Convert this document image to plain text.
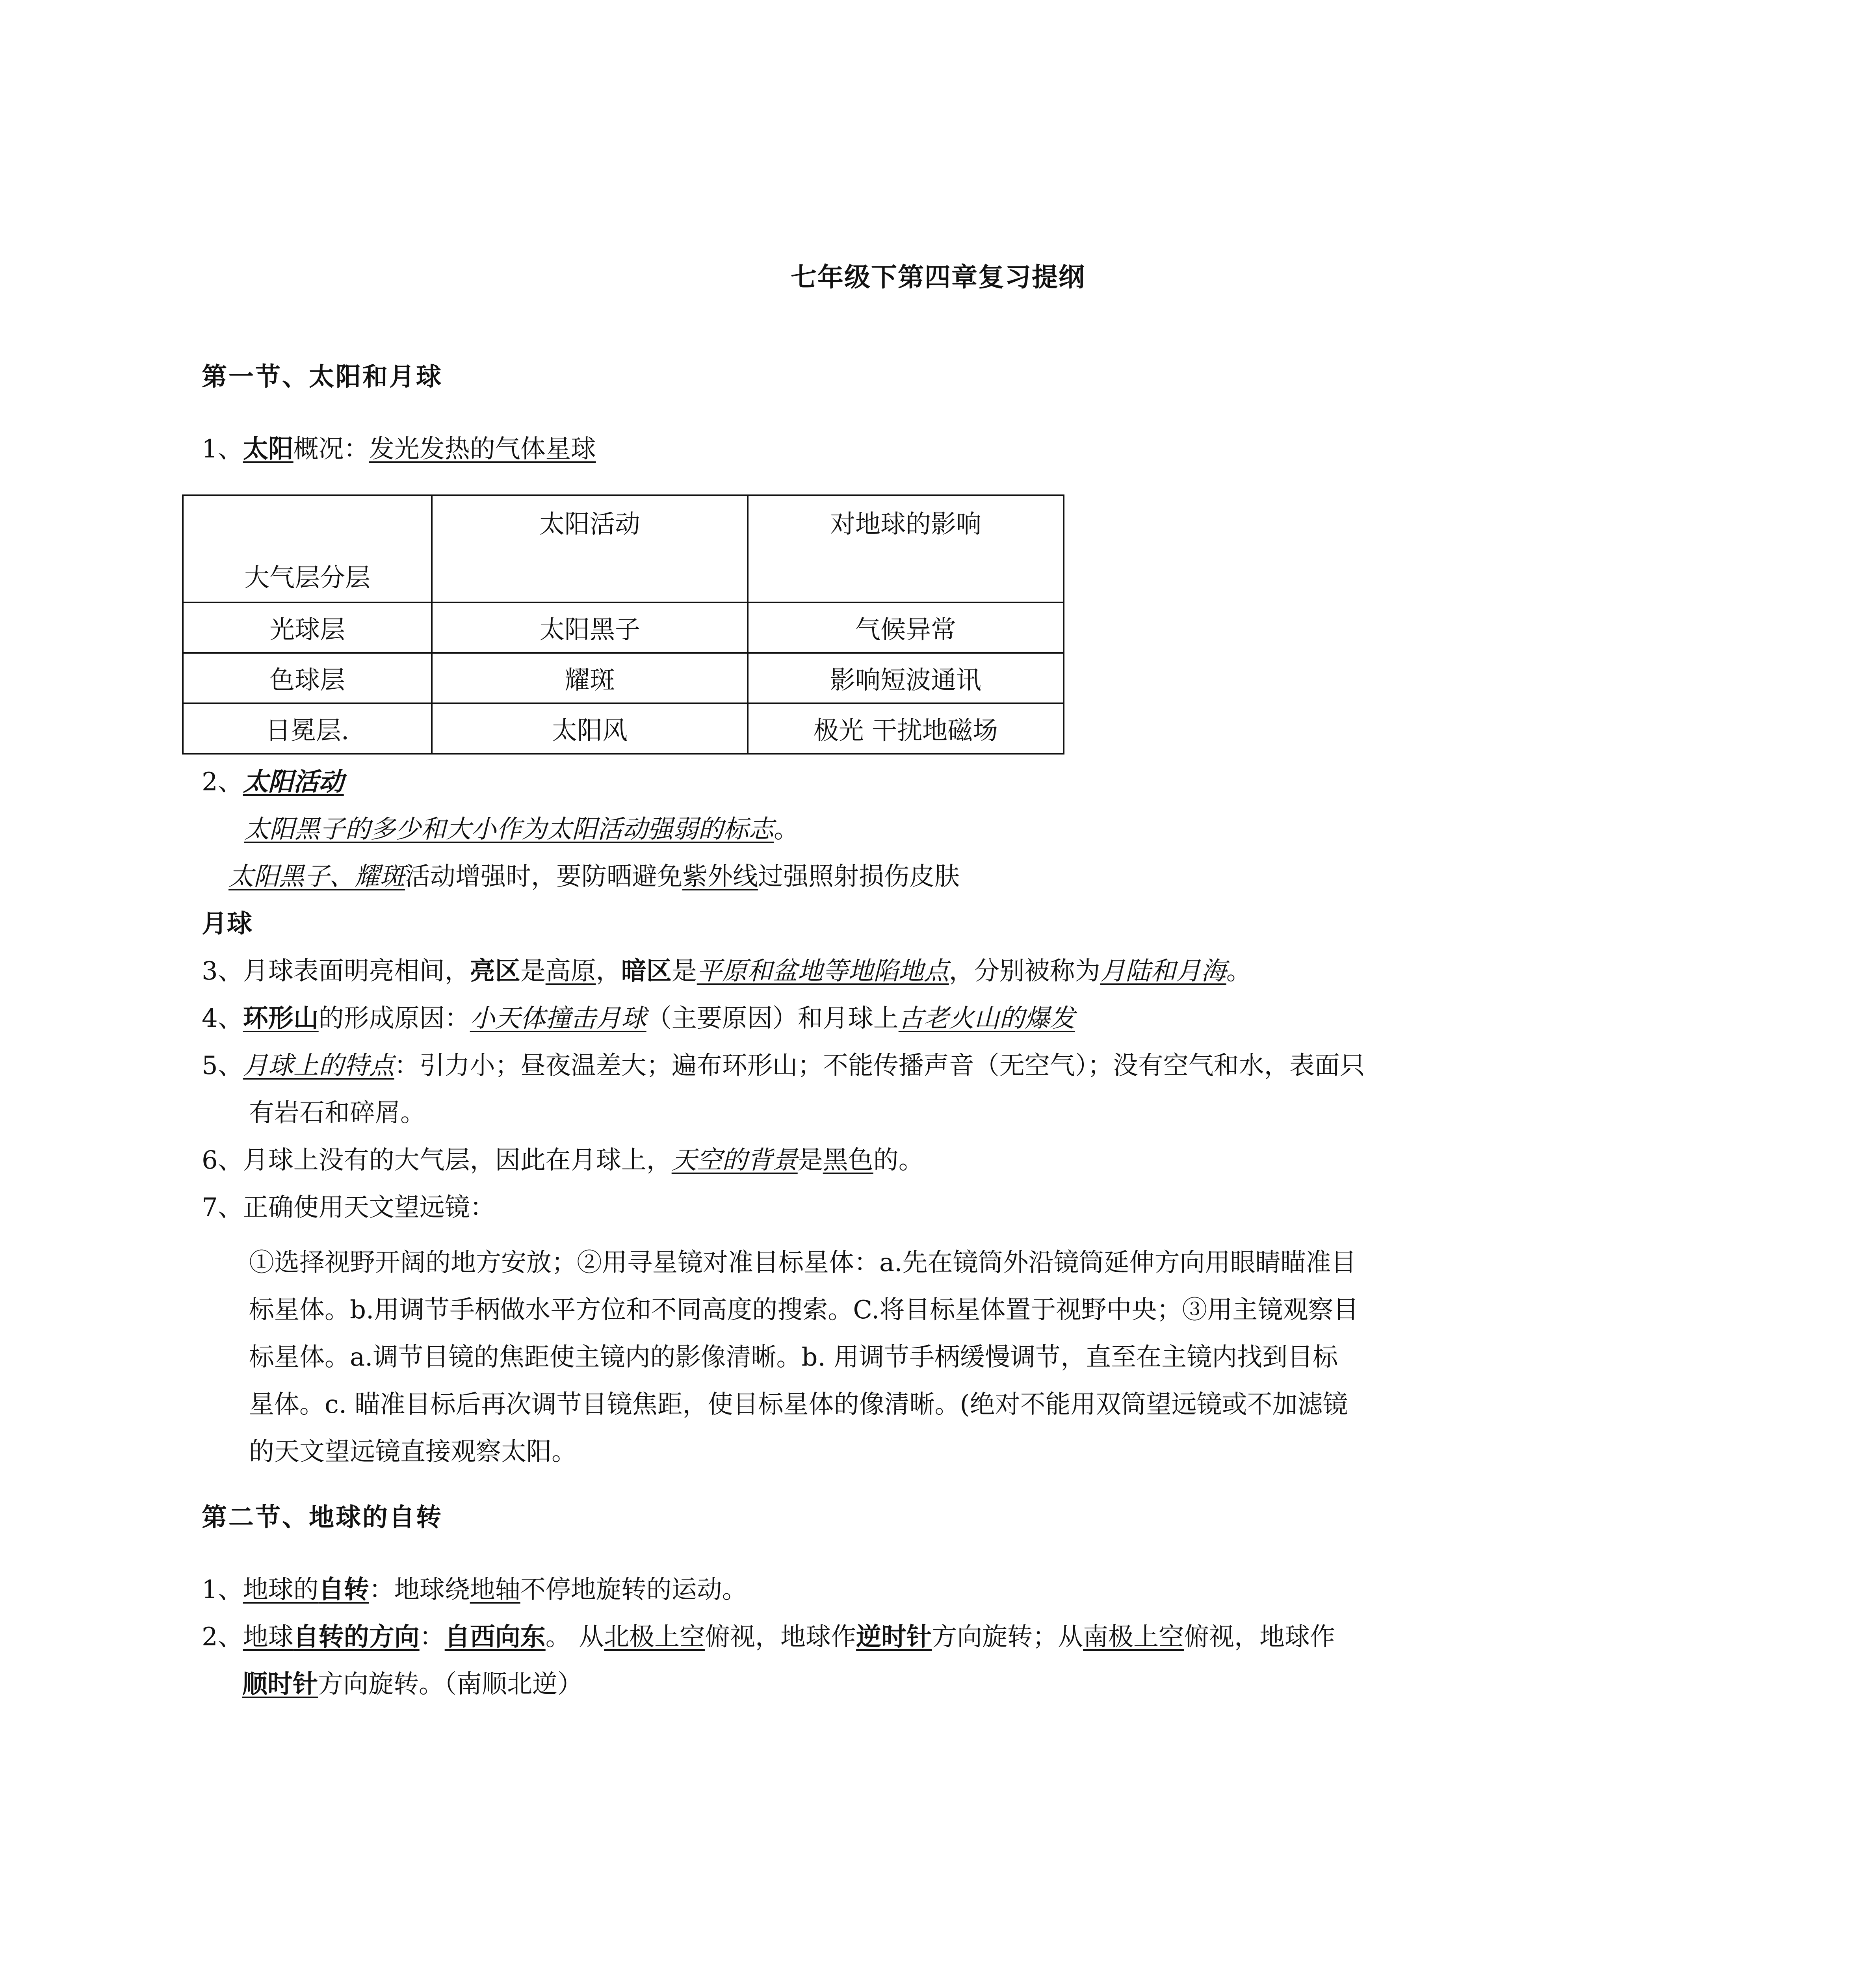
七年级下第四章复习提纲
第一节、太阳和月球
1、太阳概况：发光发热的气体星球
大气层分层	太阳活动	对地球的影响
光球层	太阳黑子	气候异常
色球层	耀斑	影响短波通讯
日冕层.	太阳风	极光 干扰地磁场
2、太阳活动
太阳黑子的多少和大小作为太阳活动强弱的标志。
太阳黑子、耀斑活动增强时，要防晒避免紫外线过强照射损伤皮肤
月球
3、月球表面明亮相间，亮区是高原，暗区是平原和盆地等地陷地点，分别被称为月陆和月海。
4、环形山的形成原因：小天体撞击月球（主要原因）和月球上古老火山的爆发
5、月球上的特点：引力小；昼夜温差大；遍布环形山；不能传播声音（无空气）；没有空气和水，表面只
有岩石和碎屑。
6、月球上没有的大气层，因此在月球上，天空的背景是黑色的。
7、正确使用天文望远镜：
①选择视野开阔的地方安放；②用寻星镜对准目标星体：a.先在镜筒外沿镜筒延伸方向用眼睛瞄准目
标星体。b.用调节手柄做水平方位和不同高度的搜索。C.将目标星体置于视野中央；③用主镜观察目
标星体。a.调节目镜的焦距使主镜内的影像清晰。b. 用调节手柄缓慢调节，直至在主镜内找到目标
星体。c. 瞄准目标后再次调节目镜焦距，使目标星体的像清晰。(绝对不能用双筒望远镜或不加滤镜
的天文望远镜直接观察太阳。
第二节、地球的自转
1、地球的自转：地球绕地轴不停地旋转的运动。
2、地球自转的方向：自西向东。 从北极上空俯视，地球作逆时针方向旋转；从南极上空俯视，地球作
顺时针方向旋转。（南顺北逆）
